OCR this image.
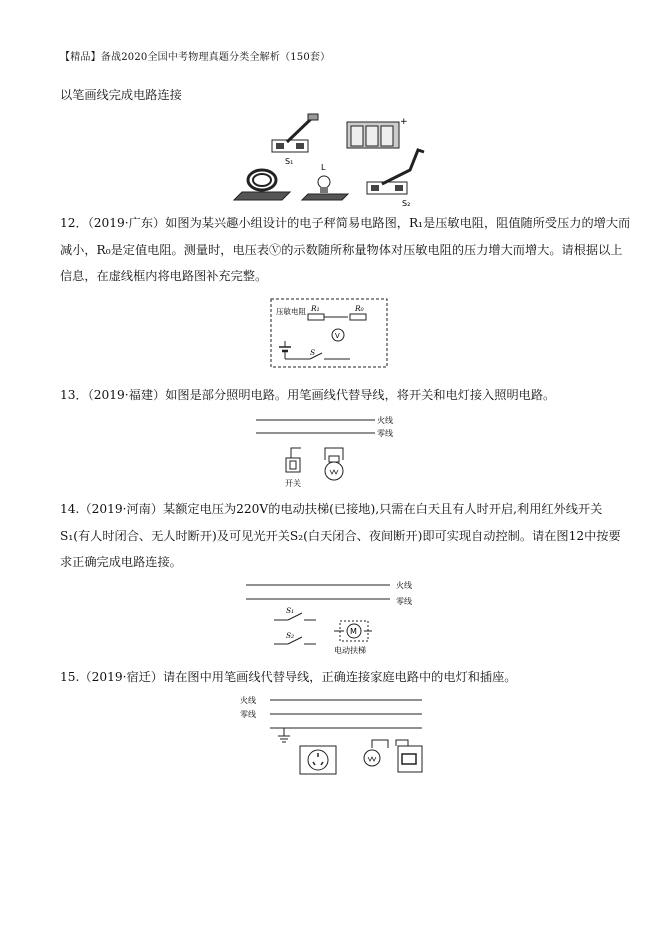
【精品】备战2020全国中考物理真题分类全解析（150套）
以笔画线完成电路连接
S₁
+
L
S₂
12．（2019·广东）如图为某兴趣小组设计的电子秤简易电路图，R₁是压敏电阻，阻值随所受压力的增大而减小，R₀是定值电阻。测量时，电压表Ⓥ的示数随所称量物体对压敏电阻的压力增大而增大。请根据以上信息，在虚线框内将电路图补充完整。
压敏电阻 R₁	R₀
V
S
13．（2019·福建）如图是部分照明电路。用笔画线代替导线，将开关和电灯接入照明电路。
火线
零线
开关
14.（2019·河南）某额定电压为220V的电动扶梯(已接地),只需在白天且有人时开启,利用红外线开关S₁(有人时闭合、无人时断开)及可见光开关S₂(白天闭合、夜间断开)即可实现自动控制。请在图12中按要求正确完成电路连接。
火线
零线
S₁
S₂	M
电动扶梯
15.（2019·宿迁）请在图中用笔画线代替导线，正确连接家庭电路中的电灯和插座。
火线
零线
